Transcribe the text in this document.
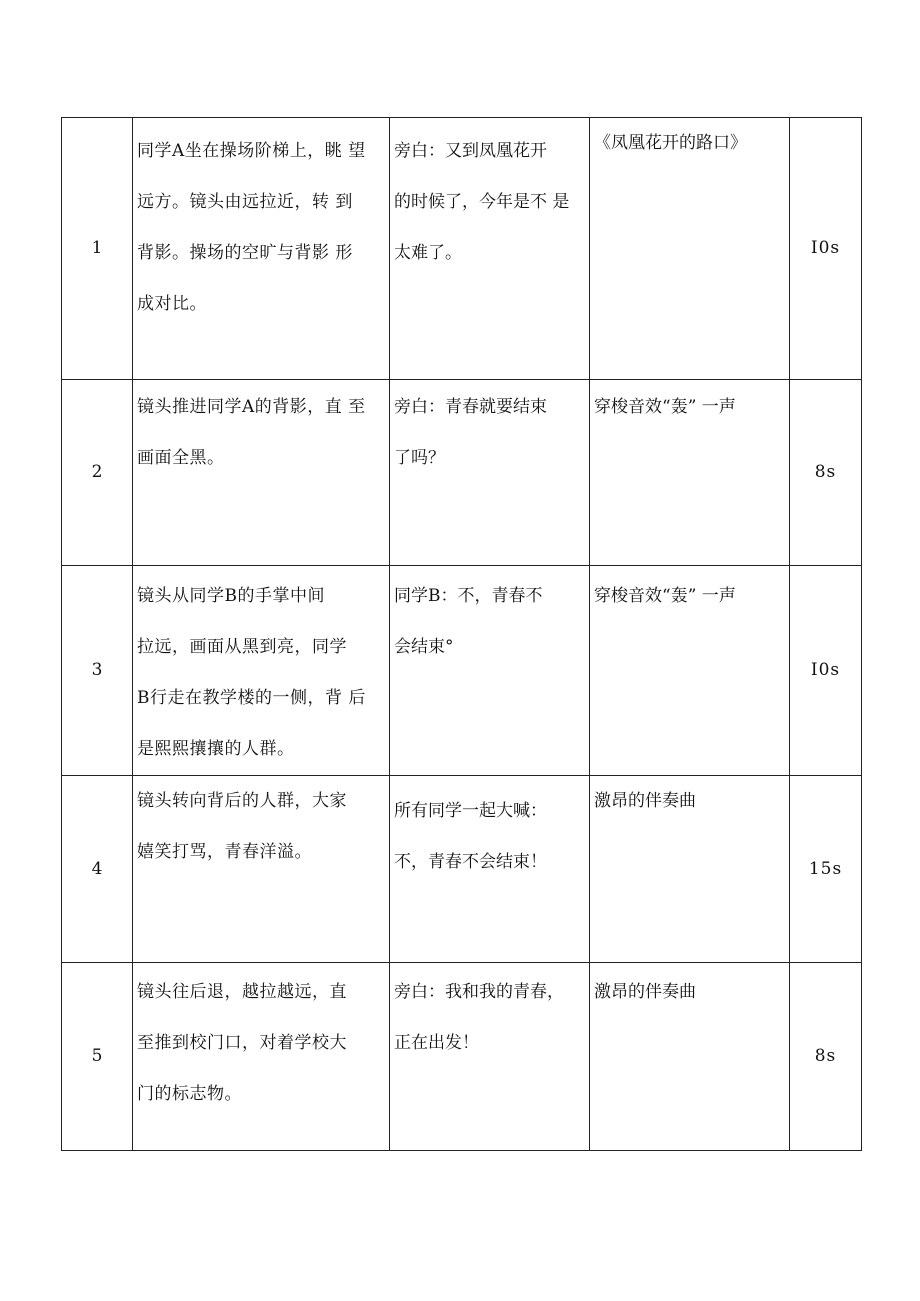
1	同学A坐在操场阶梯上，眺 望
远方。镜头由远拉近，转 到
背影。操场的空旷与背影 形
成对比。	旁白：又到凤凰花开
的时候了，今年是不 是
太难了。	《凤凰花开的路口》	I0s
2	镜头推进同学A的背影，直 至
画面全黑。	旁白：青春就要结束
了吗？	穿梭音效“轰” 一声	8s
3	镜头从同学B的手掌中间
拉远，画面从黑到亮，同学
B行走在教学楼的一侧，背 后
是熙熙攘攘的人群。	同学B：不，青春不
会结束°	穿梭音效“轰” 一声	I0s
4	镜头转向背后的人群，大家
嬉笑打骂，青春洋溢。	所有同学一起大喊：
不，青春不会结束！	激昂的伴奏曲	15s
5	镜头往后退，越拉越远，直
至推到校门口，对着学校大
门的标志物。	旁白：我和我的青春，
正在出发！	激昂的伴奏曲	8s
